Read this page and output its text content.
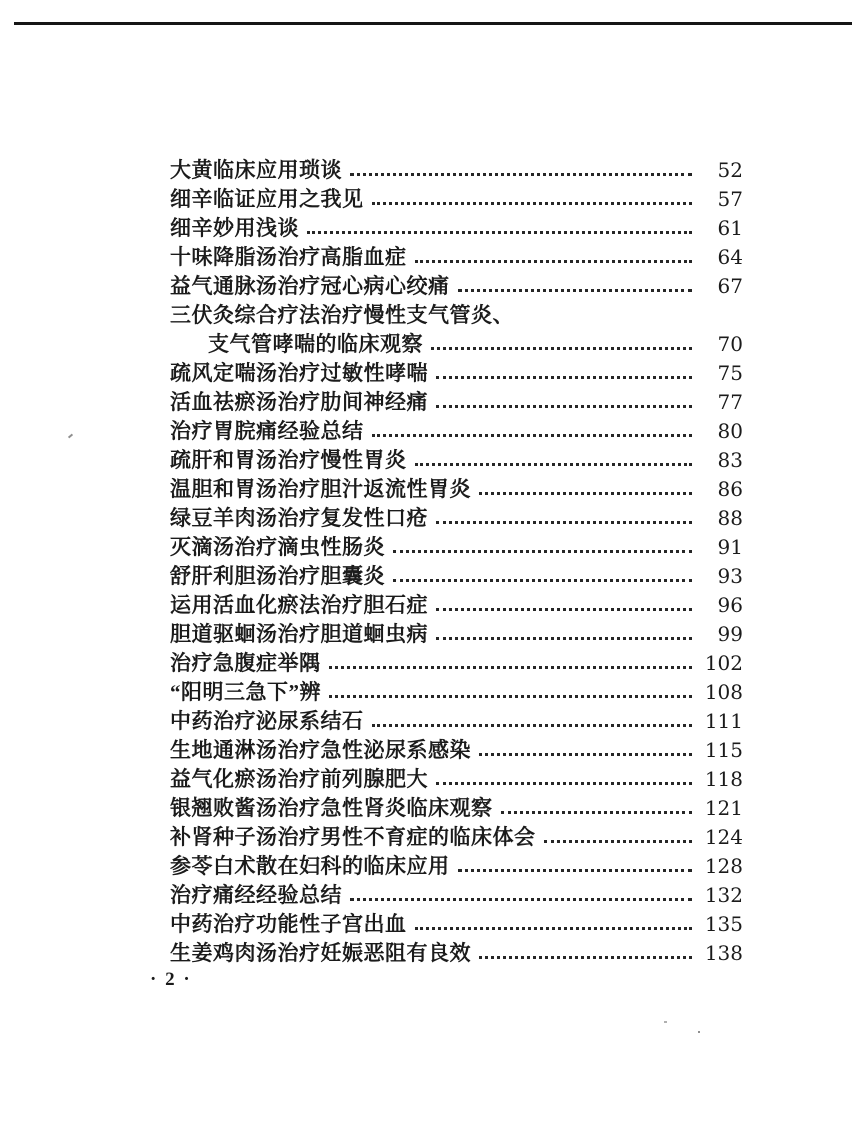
大黄临床应用琐谈	52
细辛临证应用之我见	57
细辛妙用浅谈	61
十味降脂汤治疗高脂血症	64
益气通脉汤治疗冠心病心绞痛	67
三伏灸综合疗法治疗慢性支气管炎、
支气管哮喘的临床观察	70
疏风定喘汤治疗过敏性哮喘	75
活血祛瘀汤治疗肋间神经痛	77
治疗胃脘痛经验总结	80
疏肝和胃汤治疗慢性胃炎	83
温胆和胃汤治疗胆汁返流性胃炎	86
绿豆羊肉汤治疗复发性口疮	88
灭滴汤治疗滴虫性肠炎	91
舒肝利胆汤治疗胆囊炎	93
运用活血化瘀法治疗胆石症	96
胆道驱蛔汤治疗胆道蛔虫病	99
治疗急腹症举隅	102
“阳明三急下”辨	108
中药治疗泌尿系结石	111
生地通淋汤治疗急性泌尿系感染	115
益气化瘀汤治疗前列腺肥大	118
银翘败酱汤治疗急性肾炎临床观察	121
补肾种子汤治疗男性不育症的临床体会	124
参苓白术散在妇科的临床应用	128
治疗痛经经验总结	132
中药治疗功能性子宫出血	135
生姜鸡肉汤治疗妊娠恶阻有良效	138
· 2 ·
